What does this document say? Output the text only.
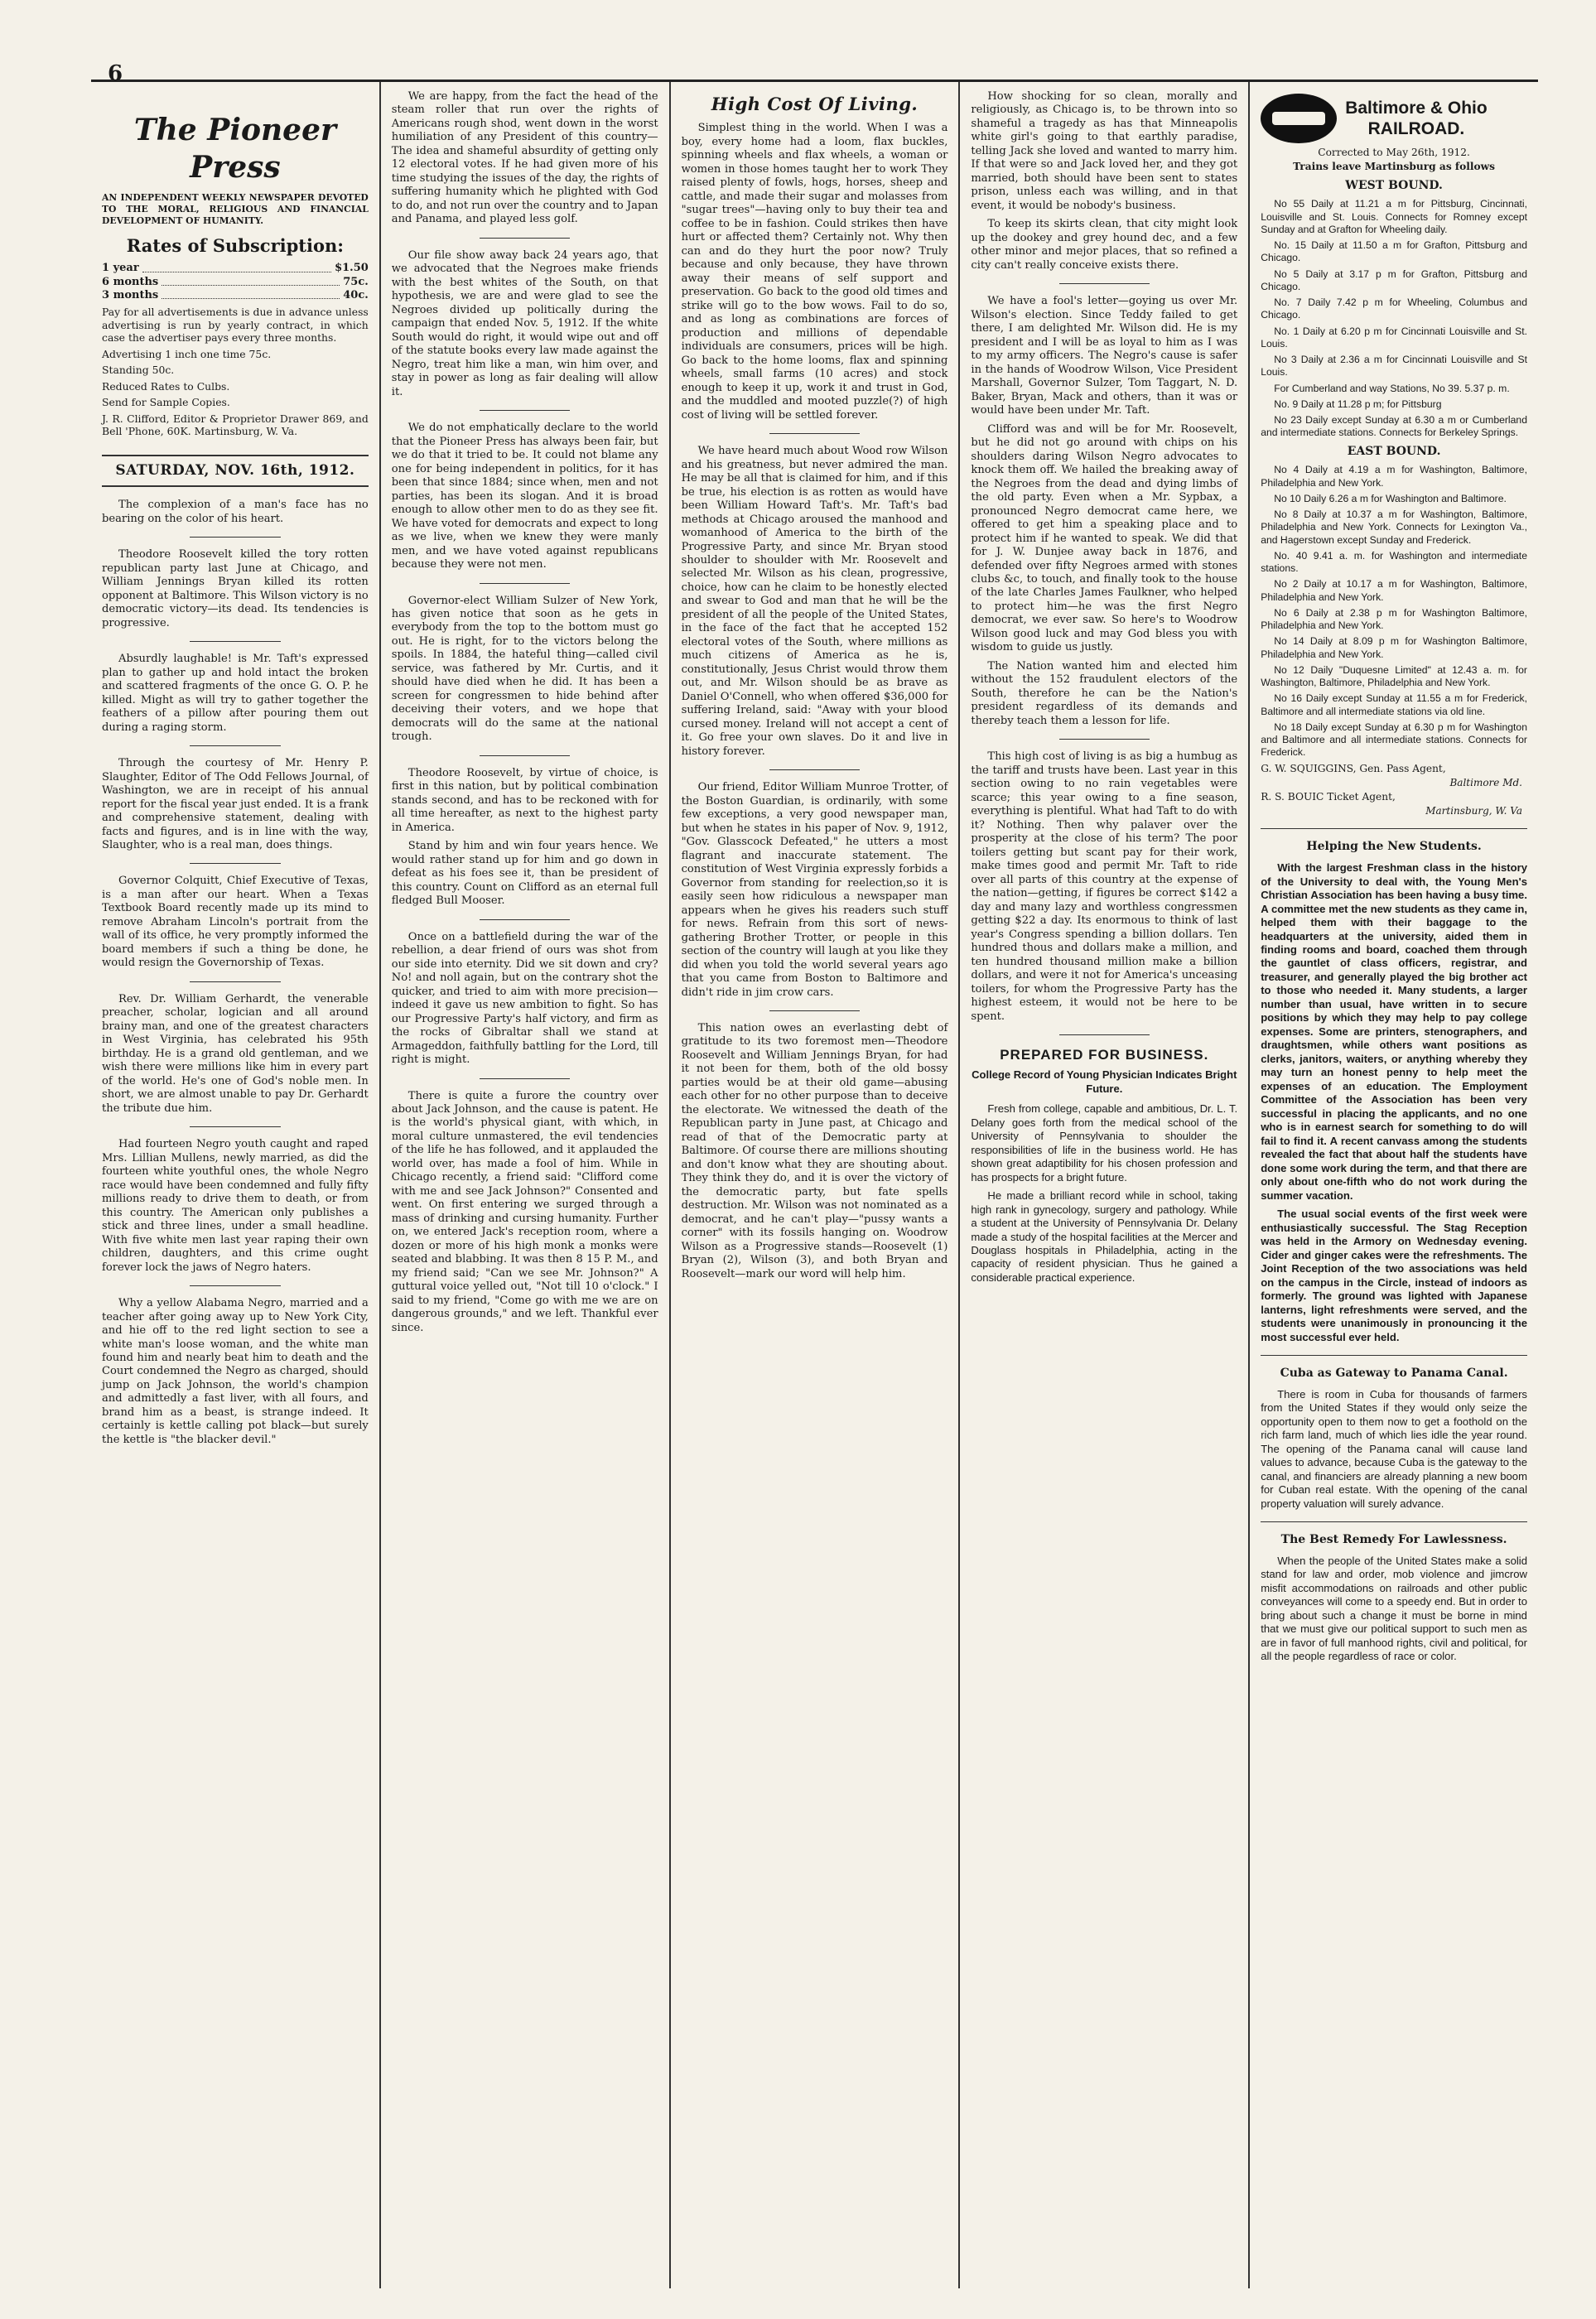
6
The Pioneer Press
AN INDEPENDENT WEEKLY NEWSPAPER DEVOTED TO THE MORAL, RELIGIOUS AND FINANCIAL DEVELOPMENT OF HUMANITY.
Rates of Subscription:
1 year	$1.50
6 months	75c.
3 months	40c.
Pay for all advertisements is due in advance unless advertising is run by yearly contract, in which case the advertiser pays every three months.
Advertising 1 inch one time 75c.
Standing 50c.
Reduced Rates to Culbs.
Send for Sample Copies.
J. R. Clifford, Editor & Proprietor Drawer 869, and Bell 'Phone, 60K. Martinsburg, W. Va.
SATURDAY, NOV. 16th, 1912.

The complexion of a man's face has no bearing on the color of his heart.

Theodore Roosevelt killed the tory rotten republican party last June at Chicago, and William Jennings Bryan killed its rotten opponent at Baltimore. This Wilson victory is no democratic victory—its dead. Its tendencies is progressive.

Absurdly laughable! is Mr. Taft's expressed plan to gather up and hold intact the broken and scattered fragments of the once G. O. P. he killed. Might as will try to gather together the feathers of a pillow after pouring them out during a raging storm.

Through the courtesy of Mr. Henry P. Slaughter, Editor of The Odd Fellows Journal, of Washington, we are in receipt of his annual report for the fiscal year just ended. It is a frank and comprehensive statement, dealing with facts and figures, and is in line with the way, Slaughter, who is a real man, does things.

Governor Colquitt, Chief Executive of Texas, is a man after our heart. When a Texas Textbook Board recently made up its mind to remove Abraham Lincoln's portrait from the wall of its office, he very promptly informed the board members if such a thing be done, he would resign the Governorship of Texas.

Rev. Dr. William Gerhardt, the venerable preacher, scholar, logician and all around brainy man, and one of the greatest characters in West Virginia, has celebrated his 95th birthday. He is a grand old gentleman, and we wish there were millions like him in every part of the world. He's one of God's noble men. In short, we are almost unable to pay Dr. Gerhardt the tribute due him.

Had fourteen Negro youth caught and raped Mrs. Lillian Mullens, newly married, as did the fourteen white youthful ones, the whole Negro race would have been condemned and fully fifty millions ready to drive them to death, or from this country. The American only publishes a stick and three lines, under a small headline. With five white men last year raping their own children, daughters, and this crime ought forever lock the jaws of Negro haters.

Why a yellow Alabama Negro, married and a teacher after going away up to New York City, and hie off to the red light section to see a white man's loose woman, and the white man found him and nearly beat him to death and the Court condemned the Negro as charged, should jump on Jack Johnson, the world's champion and admittedly a fast liver, with all fours, and brand him as a beast, is strange indeed. It certainly is kettle calling pot black—but surely the kettle is "the blacker devil."

We are happy, from the fact the head of the steam roller that run over the rights of Americans rough shod, went down in the worst humiliation of any President of this country—The idea and shameful absurdity of getting only 12 electoral votes. If he had given more of his time studying the issues of the day, the rights of suffering humanity which he plighted with God to do, and not run over the country and to Japan and Panama, and played less golf.

Our file show away back 24 years ago, that we advocated that the Negroes make friends with the best whites of the South, on that hypothesis, we are and were glad to see the Negroes divided up politically during the campaign that ended Nov. 5, 1912. If the white South would do right, it would wipe out and off of the statute books every law made against the Negro, treat him like a man, win him over, and stay in power as long as fair dealing will allow it.

We do not emphatically declare to the world that the Pioneer Press has always been fair, but we do that it tried to be. It could not blame any one for being independent in politics, for it has been that since 1884; since when, men and not parties, has been its slogan. And it is broad enough to allow other men to do as they see fit. We have voted for democrats and expect to long as we live, when we knew they were manly men, and we have voted against republicans because they were not men.

Governor-elect William Sulzer of New York, has given notice that soon as he gets in everybody from the top to the bottom must go out. He is right, for to the victors belong the spoils. In 1884, the hateful thing—called civil service, was fathered by Mr. Curtis, and it should have died when he did. It has been a screen for congressmen to hide behind after deceiving their voters, and we hope that democrats will do the same at the national trough.

Theodore Roosevelt, by virtue of choice, is first in this nation, but by political combination stands second, and has to be reckoned with for all time hereafter, as next to the highest party in America.

Stand by him and win four years hence. We would rather stand up for him and go down in defeat as his foes see it, than be president of this country. Count on Clifford as an eternal full fledged Bull Mooser.

Once on a battlefield during the war of the rebellion, a dear friend of ours was shot from our side into eternity. Did we sit down and cry? No! and noll again, but on the contrary shot the quicker, and tried to aim with more precision—indeed it gave us new ambition to fight. So has our Progressive Party's half victory, and firm as the rocks of Gibraltar shall we stand at Armageddon, faithfully battling for the Lord, till right is might.

There is quite a furore the country over about Jack Johnson, and the cause is patent. He is the world's physical giant, with which, in moral culture unmastered, the evil tendencies of the life he has followed, and it applauded the world over, has made a fool of him. While in Chicago recently, a friend said: "Clifford come with me and see Jack Johnson?" Consented and went. On first entering we surged through a mass of drinking and cursing humanity. Further on, we entered Jack's reception room, where a dozen or more of his high monk a monks were seated and blabbing. It was then 8 15 P. M., and my friend said; "Can we see Mr. Johnson?" A guttural voice yelled out, "Not till 10 o'clock." I said to my friend, "Come go with me we are on dangerous grounds," and we left. Thankful ever since.

High Cost Of Living.

Simplest thing in the world. When I was a boy, every home had a loom, flax buckles, spinning wheels and flax wheels, a woman or women in those homes taught her to work They raised plenty of fowls, hogs, horses, sheep and cattle, and made their sugar and molasses from "sugar trees"—having only to buy their tea and coffee to be in fashion. Could strikes then have hurt or affected them? Certainly not. Why then can and do they hurt the poor now? Truly because and only because, they have thrown away their means of self support and preservation. Go back to the good old times and strike will go to the bow wows. Fail to do so, and as long as combinations are forces of production and millions of dependable individuals are consumers, prices will be high. Go back to the home looms, flax and spinning wheels, small farms (10 acres) and stock enough to keep it up, work it and trust in God, and the muddled and mooted puzzle(?) of high cost of living will be settled forever.

We have heard much about Wood row Wilson and his greatness, but never admired the man. He may be all that is claimed for him, and if this be true, his election is as rotten as would have been William Howard Taft's. Mr. Taft's bad methods at Chicago aroused the manhood and womanhood of America to the birth of the Progressive Party, and since Mr. Bryan stood shoulder to shoulder with Mr. Roosevelt and selected Mr. Wilson as his clean, progressive, choice, how can he claim to be honestly elected and swear to God and man that he will be the president of all the people of the United States, in the face of the fact that he accepted 152 electoral votes of the South, where millions as much citizens of America as he is, constitutionally, Jesus Christ would throw them out, and Mr. Wilson should be as brave as Daniel O'Connell, who when offered $36,000 for suffering Ireland, said: "Away with your blood cursed money. Ireland will not accept a cent of it. Go free your own slaves. Do it and live in history forever.

Our friend, Editor William Munroe Trotter, of the Boston Guardian, is ordinarily, with some few exceptions, a very good newspaper man, but when he states in his paper of Nov. 9, 1912, "Gov. Glasscock Defeated," he utters a most flagrant and inaccurate statement. The constitution of West Virginia expressly forbids a Governor from standing for reelection,so it is easily seen how ridiculous a newspaper man appears when he gives his readers such stuff for news. Refrain from this sort of news-gathering Brother Trotter, or people in this section of the country will laugh at you like they did when you told the world several years ago that you came from Boston to Baltimore and didn't ride in jim crow cars.

This nation owes an everlasting debt of gratitude to its two foremost men—Theodore Roosevelt and William Jennings Bryan, for had it not been for them, both of the old bossy parties would be at their old game—abusing each other for no other purpose than to deceive the electorate. We witnessed the death of the Republican party in June past, at Chicago and read of that of the Democratic party at Baltimore. Of course there are millions shouting and don't know what they are shouting about. They think they do, and it is over the victory of the democratic party, but fate spells destruction. Mr. Wilson was not nominated as a democrat, and he can't play—"pussy wants a corner" with its fossils hanging on. Woodrow Wilson as a Progressive stands—Roosevelt (1) Bryan (2), Wilson (3), and both Bryan and Roosevelt—mark our word will help him.

How shocking for so clean, morally and religiously, as Chicago is, to be thrown into so shameful a tragedy as has that Minneapolis white girl's going to that earthly paradise, telling Jack she loved and wanted to marry him. If that were so and Jack loved her, and they got married, both should have been sent to states prison, unless each was willing, and in that event, it would be nobody's business.

To keep its skirts clean, that city might look up the dookey and grey hound dec, and a few other minor and mejor places, that so refined a city can't really conceive exists there.

We have a fool's letter—goying us over Mr. Wilson's election. Since Teddy failed to get there, I am delighted Mr. Wilson did. He is my president and I will be as loyal to him as I was to my army officers. The Negro's cause is safer in the hands of Woodrow Wilson, Vice President Marshall, Governor Sulzer, Tom Taggart, N. D. Baker, Bryan, Mack and others, than it was or would have been under Mr. Taft.

Clifford was and will be for Mr. Roosevelt, but he did not go around with chips on his shoulders daring Wilson Negro advocates to knock them off. We hailed the breaking away of the Negroes from the dead and dying limbs of the old party. Even when a Mr. Sypbax, a pronounced Negro democrat came here, we offered to get him a speaking place and to protect him if he wanted to speak. We did that for J. W. Dunjee away back in 1876, and defended over fifty Negroes armed with stones clubs &c, to touch, and finally took to the house of the late Charles James Faulkner, who helped to protect him—he was the first Negro democrat, we ever saw. So here's to Woodrow Wilson good luck and may God bless you with wisdom to guide us justly.

The Nation wanted him and elected him without the 152 fraudulent electors of the South, therefore he can be the Nation's president regardless of its demands and thereby teach them a lesson for life.

This high cost of living is as big a humbug as the tariff and trusts have been. Last year in this section owing to no rain vegetables were scarce; this year owing to a fine season, everything is plentiful. What had Taft to do with it? Nothing. Then why palaver over the prosperity at the close of his term? The poor toilers getting but scant pay for their work, make times good and permit Mr. Taft to ride over all parts of this country at the expense of the nation—getting, if figures be correct $142 a day and many lazy and worthless congressmen getting $22 a day. Its enormous to think of last year's Congress spending a billion dollars. Ten hundred thous and dollars make a million, and ten hundred thousand million make a billion dollars, and were it not for America's unceasing toilers, for whom the Progressive Party has the highest esteem, it would not be here to be spent.

PREPARED FOR BUSINESS.
College Record of Young Physician Indicates Bright Future.

Fresh from college, capable and ambitious, Dr. L. T. Delany goes forth from the medical school of the University of Pennsylvania to shoulder the responsibilities of life in the business world. He has shown great adaptibility for his chosen profession and has prospects for a bright future.

He made a brilliant record while in school, taking high rank in gynecology, surgery and pathology. While a student at the University of Pennsylvania Dr. Delany made a study of the hospital facilities at the Mercer and Douglass hospitals in Philadelphia, acting in the capacity of resident physician. Thus he gained a considerable practical experience.

Baltimore & Ohio
RAILROAD.
Corrected to May 26th, 1912.
Trains leave Martinsburg as follows
WEST BOUND.

No 55 Daily at 11.21 a m for Pittsburg, Cincinnati, Louisville and St. Louis. Connects for Romney except Sunday and at Grafton for Wheeling daily.

No. 15 Daily at 11.50 a m for Grafton, Pittsburg and Chicago.

No 5 Daily at 3.17 p m for Grafton, Pittsburg and Chicago.

No. 7 Daily 7.42 p m for Wheeling, Columbus and Chicago.

No. 1 Daily at 6.20 p m for Cincinnati Louisville and St. Louis.

No 3 Daily at 2.36 a m for Cincinnati Louisville and St Louis.

For Cumberland and way Stations, No 39. 5.37 p. m.

No. 9 Daily at 11.28 p m; for Pittsburg

No 23 Daily except Sunday at 6.30 a m or Cumberland and intermediate stations. Connects for Berkeley Springs.

EAST BOUND.

No 4 Daily at 4.19 a m for Washington, Baltimore, Philadelphia and New York.

No 10 Daily 6.26 a m for Washington and Baltimore.

No 8 Daily at 10.37 a m for Washington, Baltimore, Philadelphia and New York. Connects for Lexington Va., and Hagerstown except Sunday and Frederick.

No. 40 9.41 a. m. for Washington and intermediate stations.

No 2 Daily at 10.17 a m for Washington, Baltimore, Philadelphia and New York.

No 6 Daily at 2.38 p m for Washington Baltimore, Philadelphia and New York.

No 14 Daily at 8.09 p m for Washington Baltimore, Philadelphia and New York.

No 12 Daily "Duquesne Limited" at 12.43 a. m. for Washington, Baltimore, Philadelphia and New York.

No 16 Daily except Sunday at 11.55 a m for Frederick, Baltimore and all intermediate stations via old line.

No 18 Daily except Sunday at 6.30 p m for Washington and Baltimore and all intermediate stations. Connects for Frederick.

G. W. SQUIGGINS, Gen. Pass Agent,
Baltimore Md.
R. S. BOUIC Ticket Agent,
Martinsburg, W. Va
Helping the New Students.

With the largest Freshman class in the history of the University to deal with, the Young Men's Christian Association has been having a busy time. A committee met the new students as they came in, helped them with their baggage to the headquarters at the university, aided them in finding rooms and board, coached them through the gauntlet of class officers, registrar, and treasurer, and generally played the big brother act to those who needed it. Many students, a larger number than usual, have written in to secure positions by which they may help to pay college expenses. Some are printers, stenographers, and draughtsmen, while others want positions as clerks, janitors, waiters, or anything whereby they may turn an honest penny to help meet the expenses of an education. The Employment Committee of the Association has been very successful in placing the applicants, and no one who is in earnest search for something to do will fail to find it. A recent canvass among the students revealed the fact that about half the students have done some work during the term, and that there are only about one-fifth who do not work during the summer vacation.

The usual social events of the first week were enthusiastically successful. The Stag Reception was held in the Armory on Wednesday evening. Cider and ginger cakes were the refreshments. The Joint Reception of the two associations was held on the campus in the Circle, instead of indoors as formerly. The ground was lighted with Japanese lanterns, light refreshments were served, and the students were unanimously in pronouncing it the most successful ever held.

Cuba as Gateway to Panama Canal.

There is room in Cuba for thousands of farmers from the United States if they would only seize the opportunity open to them now to get a foothold on the rich farm land, much of which lies idle the year round. The opening of the Panama canal will cause land values to advance, because Cuba is the gateway to the canal, and financiers are already planning a new boom for Cuban real estate. With the opening of the canal property valuation will surely advance.

The Best Remedy For Lawlessness.

When the people of the United States make a solid stand for law and order, mob violence and jimcrow misfit accommodations on railroads and other public conveyances will come to a speedy end. But in order to bring about such a change it must be borne in mind that we must give our political support to such men as are in favor of full manhood rights, civil and political, for all the people regardless of race or color.
